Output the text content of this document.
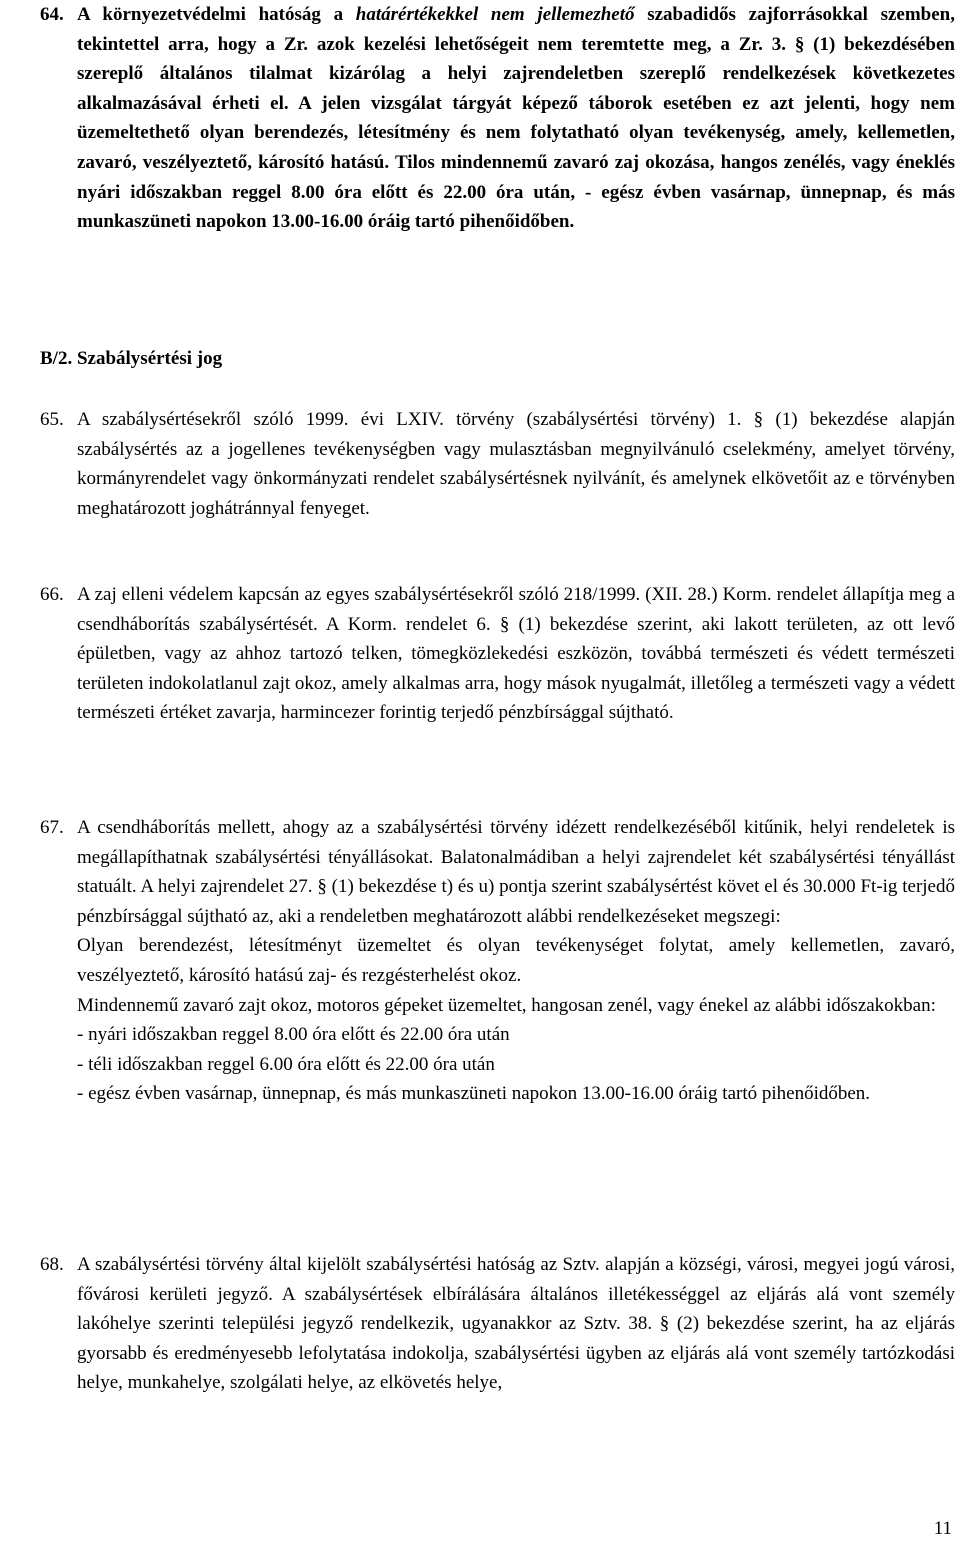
64. A környezetvédelmi hatóság a határértékekkel nem jellemezhető szabadidős zajforrásokkal szemben, tekintettel arra, hogy a Zr. azok kezelési lehetőségeit nem teremtette meg, a Zr. 3. § (1) bekezdésében szereplő általános tilalmat kizárólag a helyi zajrendeletben szereplő rendelkezések következetes alkalmazásával érheti el. A jelen vizsgálat tárgyát képező táborok esetében ez azt jelenti, hogy nem üzemeltethető olyan berendezés, létesítmény és nem folytatható olyan tevékenység, amely, kellemetlen, zavaró, veszélyeztető, károsító hatású. Tilos mindennemű zavaró zaj okozása, hangos zenélés, vagy éneklés nyári időszakban reggel 8.00 óra előtt és 22.00 óra után, - egész évben vasárnap, ünnepnap, és más munkaszüneti napokon 13.00-16.00 óráig tartó pihenőidőben.

B/2. Szabálysértési jog
65. A szabálysértésekről szóló 1999. évi LXIV. törvény (szabálysértési törvény) 1. § (1) bekezdése alapján szabálysértés az a jogellenes tevékenységben vagy mulasztásban megnyilvánuló cselekmény, amelyet törvény, kormányrendelet vagy önkormányzati rendelet szabálysértésnek nyilvánít, és amelynek elkövetőit az e törvényben meghatározott joghátránnyal fenyeget.

66. A zaj elleni védelem kapcsán az egyes szabálysértésekről szóló 218/1999. (XII. 28.) Korm. rendelet állapítja meg a csendháborítás szabálysértését. A Korm. rendelet 6. § (1) bekezdése szerint, aki lakott területen, az ott levő épületben, vagy az ahhoz tartozó telken, tömegközlekedési eszközön, továbbá természeti és védett természeti területen indokolatlanul zajt okoz, amely alkalmas arra, hogy mások nyugalmát, illetőleg a természeti vagy a védett természeti értéket zavarja, harmincezer forintig terjedő pénzbírsággal sújtható.

67. A csendháborítás mellett, ahogy az a szabálysértési törvény idézett rendelkezéséből kitűnik, helyi rendeletek is megállapíthatnak szabálysértési tényállásokat. Balatonalmádiban a helyi zajrendelet két szabálysértési tényállást statuált. A helyi zajrendelet 27. § (1) bekezdése t) és u) pontja szerint szabálysértést követ el és 30.000 Ft-ig terjedő pénzbírsággal sújtható az, aki a rendeletben meghatározott alábbi rendelkezéseket megszegi:
Olyan berendezést, létesítményt üzemeltet és olyan tevékenységet folytat, amely kellemetlen, zavaró, veszélyeztető, károsító hatású zaj- és rezgésterhelést okoz.
Mindennemű zavaró zajt okoz, motoros gépeket üzemeltet, hangosan zenél, vagy énekel az alábbi időszakokban:
- nyári időszakban reggel 8.00 óra előtt és 22.00 óra után
- téli időszakban reggel 6.00 óra előtt és 22.00 óra után
- egész évben vasárnap, ünnepnap, és más munkaszüneti napokon 13.00-16.00 óráig tartó pihenőidőben.
68. A szabálysértési törvény által kijelölt szabálysértési hatóság az Sztv. alapján a községi, városi, megyei jogú városi, fővárosi kerületi jegyző. A szabálysértések elbírálására általános illetékességgel az eljárás alá vont személy lakóhelye szerinti települési jegyző rendelkezik, ugyanakkor az Sztv. 38. § (2) bekezdése szerint, ha az eljárás gyorsabb és eredményesebb lefolytatása indokolja, szabálysértési ügyben az eljárás alá vont személy tartózkodási helye, munkahelye, szolgálati helye, az elkövetés helye,

11
